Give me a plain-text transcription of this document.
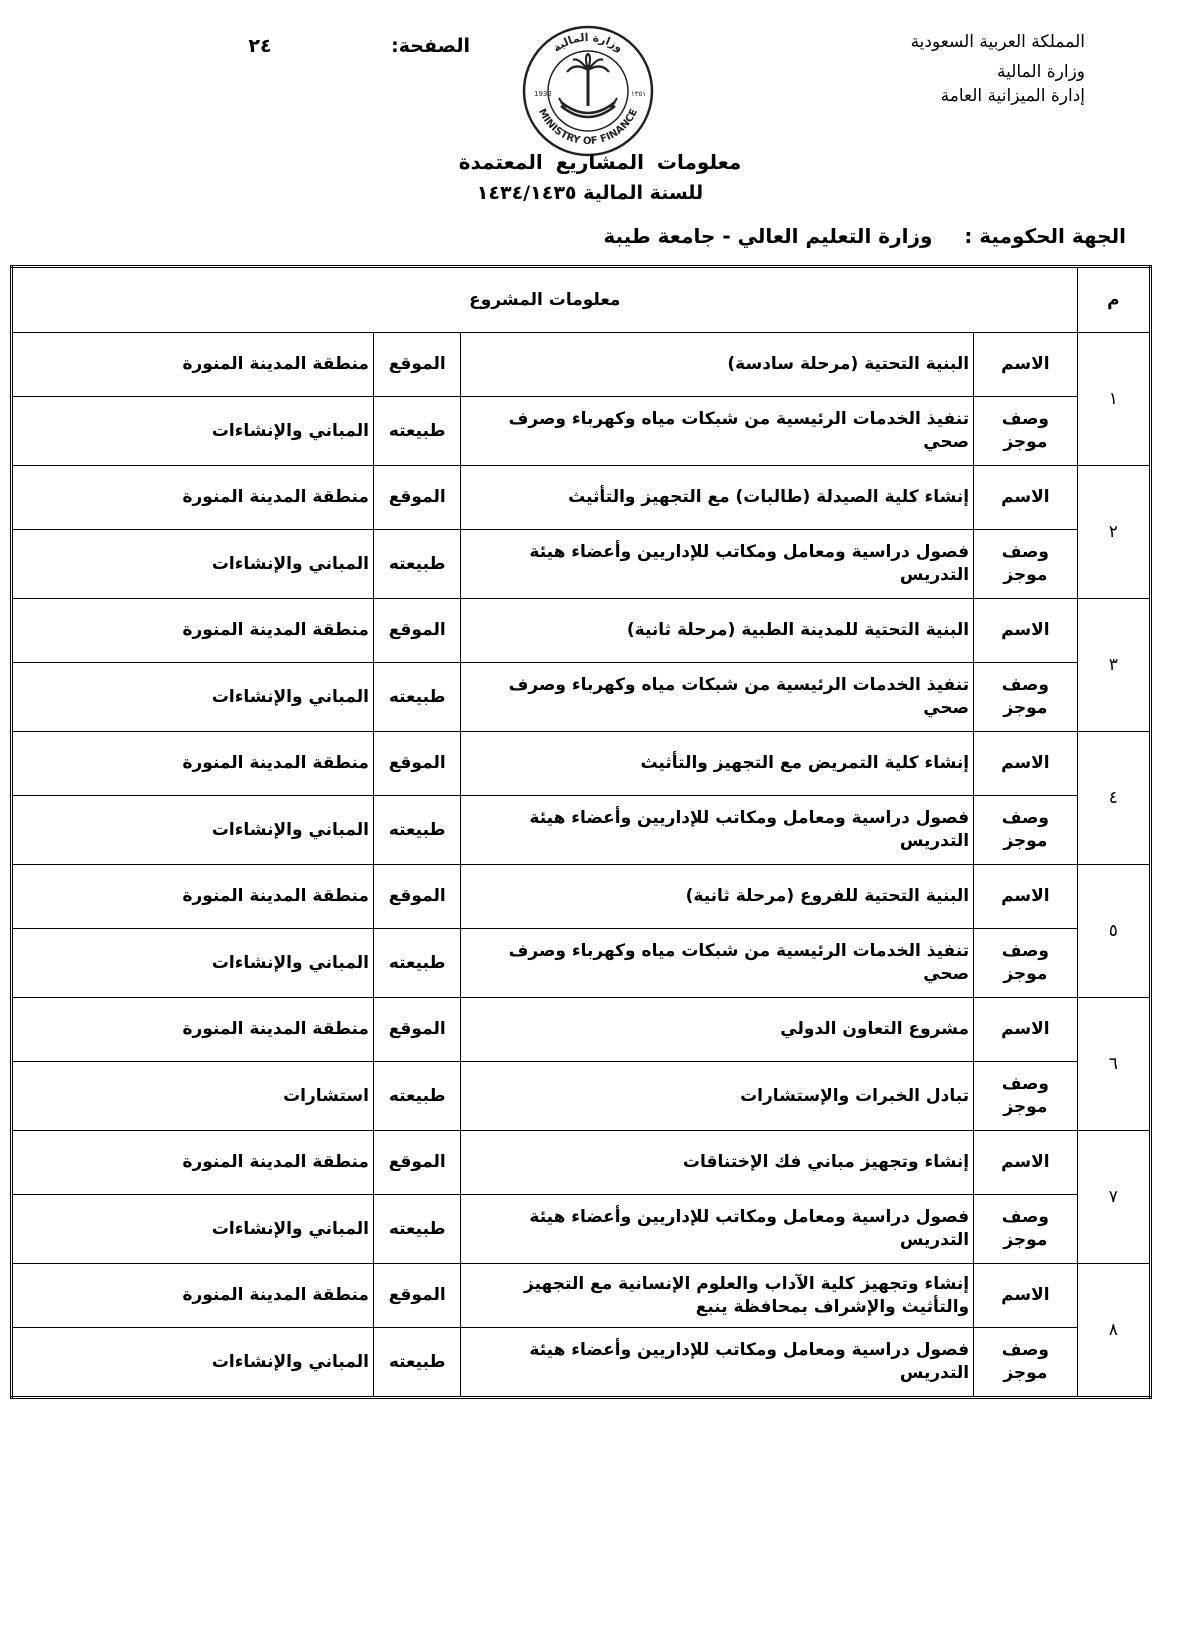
المملكة العربية السعودية
وزارة المالية
إدارة الميزانية العامة
الصفحة:
٢٤	وزارة المالية
MINISTRY OF FINANCE
1932	١٣٥١
معلومات المشاريع المعتمدة
للسنة المالية ١٤٣٤/١٤٣٥
الجهة الحكومية :  وزارة التعليم العالي - جامعة طيبة
م	معلومات المشروع			
١	الاسم	البنية التحتية (مرحلة سادسة)	الموقع	منطقة المدينة المنورة
	وصف موجز	تنفيذ الخدمات الرئيسية من شبكات مياه وكهرباء وصرف صحي	طبيعته	المباني والإنشاءات
٢	الاسم	إنشاء كلية الصيدلة (طالبات) مع التجهيز والتأثيث	الموقع	منطقة المدينة المنورة
	وصف موجز	فصول دراسية ومعامل ومكاتب للإداريين وأعضاء هيئة التدريس	طبيعته	المباني والإنشاءات
٣	الاسم	البنية التحتية للمدينة الطبية (مرحلة ثانية)	الموقع	منطقة المدينة المنورة
	وصف موجز	تنفيذ الخدمات الرئيسية من شبكات مياه وكهرباء وصرف صحي	طبيعته	المباني والإنشاءات
٤	الاسم	إنشاء كلية التمريض مع التجهيز والتأثيث	الموقع	منطقة المدينة المنورة
	وصف موجز	فصول دراسية ومعامل ومكاتب للإداريين وأعضاء هيئة التدريس	طبيعته	المباني والإنشاءات
٥	الاسم	البنية التحتية للفروع (مرحلة ثانية)	الموقع	منطقة المدينة المنورة
	وصف موجز	تنفيذ الخدمات الرئيسية من شبكات مياه وكهرباء وصرف صحي	طبيعته	المباني والإنشاءات
٦	الاسم	مشروع التعاون الدولي	الموقع	منطقة المدينة المنورة
	وصف موجز	تبادل الخبرات والإستشارات	طبيعته	استشارات
٧	الاسم	إنشاء وتجهيز مباني فك الإختناقات	الموقع	منطقة المدينة المنورة
	وصف موجز	فصول دراسية ومعامل ومكاتب للإداريين وأعضاء هيئة التدريس	طبيعته	المباني والإنشاءات
٨	الاسم	إنشاء وتجهيز كلية الآداب والعلوم الإنسانية مع التجهيز والتأثيث والإشراف بمحافظة ينبع	الموقع	منطقة المدينة المنورة
	وصف موجز	فصول دراسية ومعامل ومكاتب للإداريين وأعضاء هيئة التدريس	طبيعته	المباني والإنشاءات
